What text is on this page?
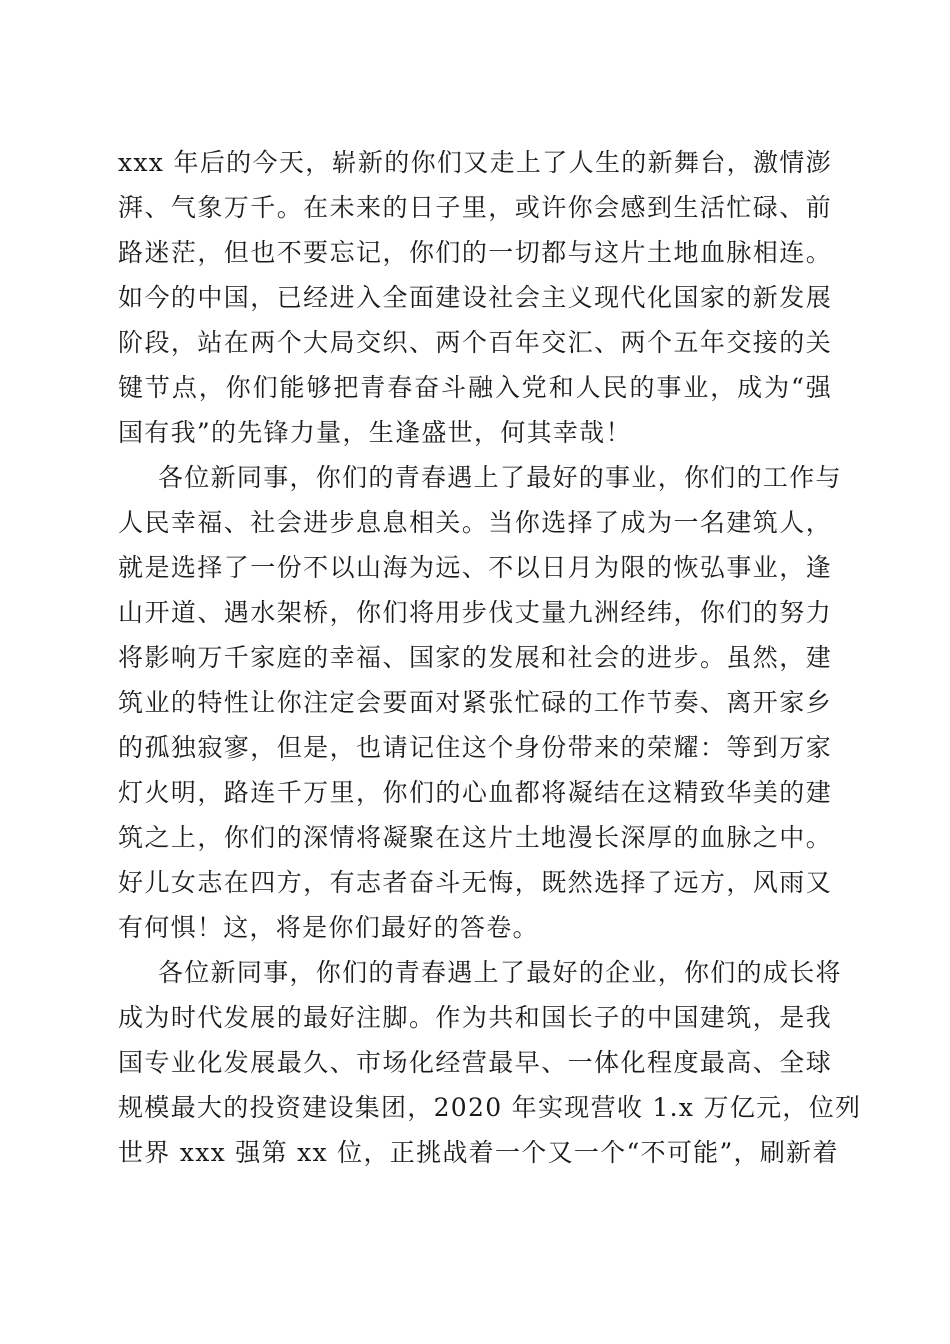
xxx 年后的今天，崭新的你们又走上了人生的新舞台，激情澎
湃、气象万千。在未来的日子里，或许你会感到生活忙碌、前
路迷茫，但也不要忘记，你们的一切都与这片土地血脉相连。
如今的中国，已经进入全面建设社会主义现代化国家的新发展
阶段，站在两个大局交织、两个百年交汇、两个五年交接的关
键节点，你们能够把青春奋斗融入党和人民的事业，成为“强
国有我”的先锋力量，生逢盛世，何其幸哉！
各位新同事，你们的青春遇上了最好的事业，你们的工作与
人民幸福、社会进步息息相关。当你选择了成为一名建筑人，
就是选择了一份不以山海为远、不以日月为限的恢弘事业，逢
山开道、遇水架桥，你们将用步伐丈量九洲经纬，你们的努力
将影响万千家庭的幸福、国家的发展和社会的进步。虽然，建
筑业的特性让你注定会要面对紧张忙碌的工作节奏、离开家乡
的孤独寂寥，但是，也请记住这个身份带来的荣耀：等到万家
灯火明，路连千万里，你们的心血都将凝结在这精致华美的建
筑之上，你们的深情将凝聚在这片土地漫长深厚的血脉之中。
好儿女志在四方，有志者奋斗无悔，既然选择了远方，风雨又
有何惧！这，将是你们最好的答卷。
各位新同事，你们的青春遇上了最好的企业，你们的成长将
成为时代发展的最好注脚。作为共和国长子的中国建筑，是我
国专业化发展最久、市场化经营最早、一体化程度最高、全球
规模最大的投资建设集团，2020 年实现营收 1.x 万亿元，位列
世界 xxx 强第 xx 位，正挑战着一个又一个“不可能”，刷新着
